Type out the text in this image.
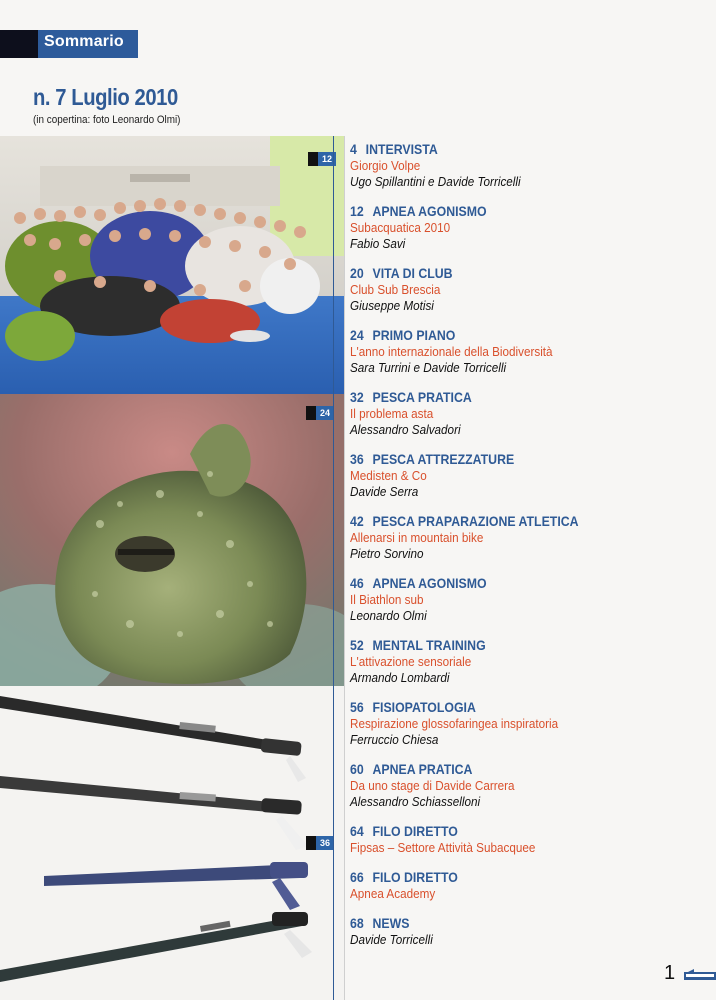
Sommario
n. 7 Luglio 2010
(in copertina: foto Leonardo Olmi)
12
24
36
4 INTERVISTA
Giorgio Volpe
Ugo Spillantini e Davide Torricelli
12 APNEA AGONISMO
Subacquatica 2010
Fabio Savi
20 VITA DI CLUB
Club Sub Brescia
Giuseppe Motisi
24 PRIMO PIANO
L'anno internazionale della Biodiversità
Sara Turrini e Davide Torricelli
32 PESCA PRATICA
Il problema asta
Alessandro Salvadori
36 PESCA ATTREZZATURE
Medisten & Co
Davide Serra
42 PESCA PRAPARAZIONE ATLETICA
Allenarsi in mountain bike
Pietro Sorvino
46 APNEA AGONISMO
Il Biathlon sub
Leonardo Olmi
52 MENTAL TRAINING
L'attivazione sensoriale
Armando Lombardi
56 FISIOPATOLOGIA
Respirazione glossofaringea inspiratoria
Ferruccio Chiesa
60 APNEA PRATICA
Da uno stage di Davide Carrera
Alessandro Schiasselloni
64 FILO DIRETTO
Fipsas – Settore Attività Subacquee
66 FILO DIRETTO
Apnea Academy
68 NEWS
Davide Torricelli
1
